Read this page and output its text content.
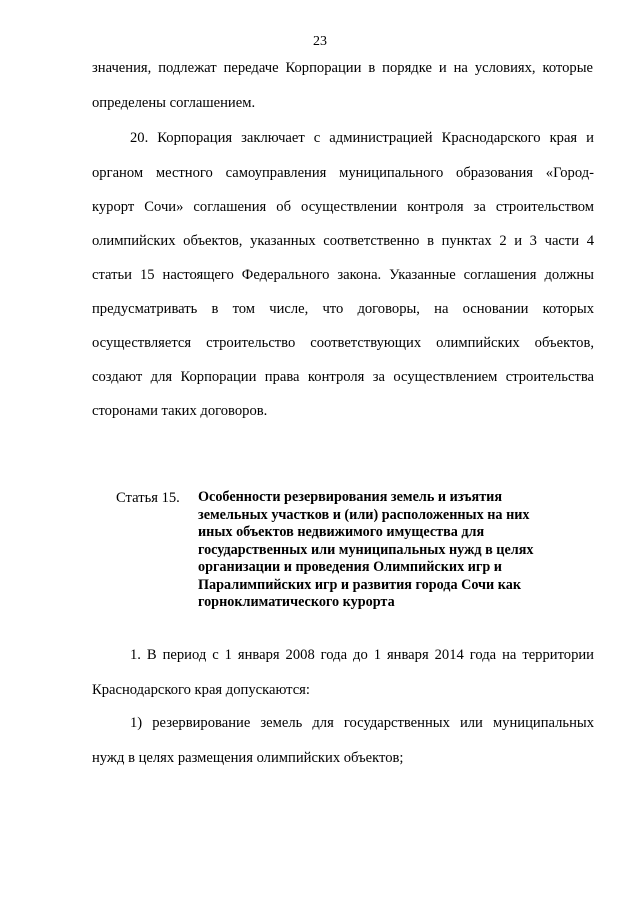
23
значения, подлежат передаче Корпорации в порядке и на условиях, которые
определены соглашением.
20. Корпорация заключает с администрацией Краснодарского края и
органом местного самоуправления муниципального образования «Город-
курорт Сочи» соглашения об осуществлении контроля за строительством
олимпийских объектов, указанных соответственно в пунктах 2 и 3 части 4
статьи 15 настоящего Федерального закона. Указанные соглашения должны
предусматривать в том числе, что договоры, на основании которых
осуществляется строительство соответствующих олимпийских объектов,
создают для Корпорации права контроля за осуществлением строительства
сторонами таких договоров.
Статья 15. Особенности резервирования земель и изъятия
земельных участков и (или) расположенных на них
иных объектов недвижимого имущества для
государственных или муниципальных нужд в целях
организации и проведения Олимпийских игр и
Паралимпийских игр и развития города Сочи как
горноклиматического курорта
1. В период с 1 января 2008 года до 1 января 2014 года на территории
Краснодарского края допускаются:
1) резервирование земель для государственных или муниципальных
нужд в целях размещения олимпийских объектов;
